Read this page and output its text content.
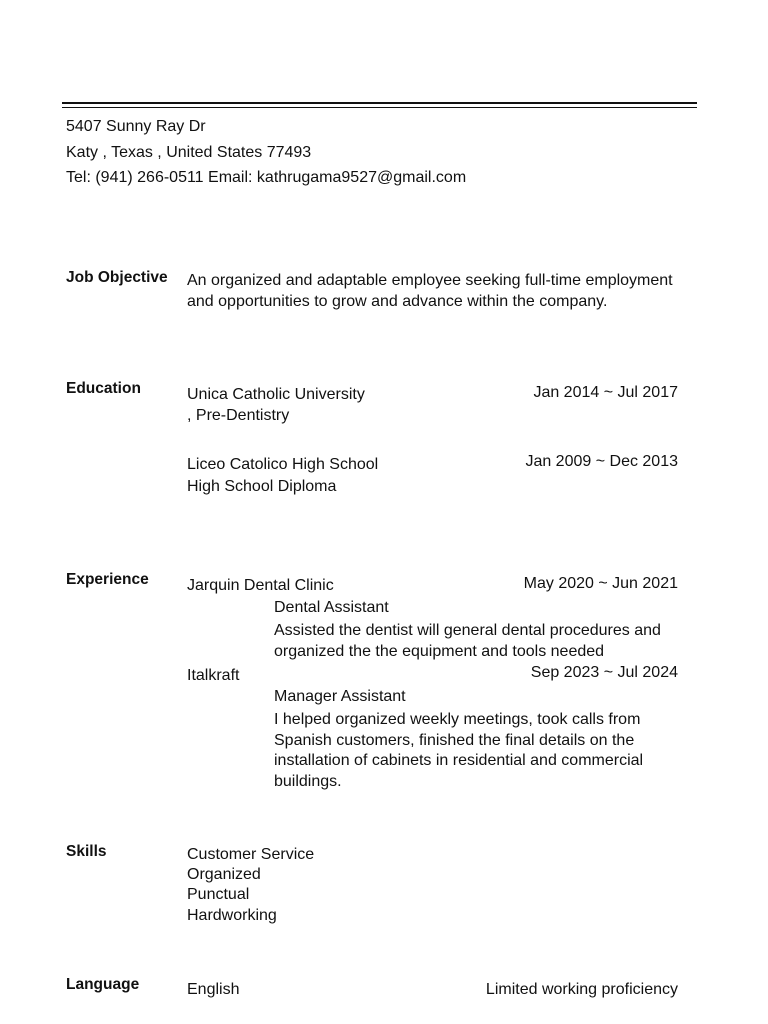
5407 Sunny Ray Dr
Katy , Texas , United States 77493
Tel: (941) 266-0511 Email: kathrugama9527@gmail.com
Job Objective An organized and adaptable employee seeking full-time employment and opportunities to grow and advance within the company.
Education	Unica Catholic University	Jan 2014 ~ Jul 2017
, Pre-Dentistry
Liceo Catolico High School	Jan 2009 ~ Dec 2013
High School Diploma
Experience Jarquin Dental Clinic	May 2020 ~ Jun 2021
Dental Assistant
Assisted the dentist will general dental procedures and organized the the equipment and tools needed
Italkraft	Sep 2023 ~ Jul 2024
Manager Assistant
I helped organized weekly meetings, took calls from Spanish customers, finished the final details on the installation of cabinets in residential and commercial buildings.
Skills	Customer Service
Organized
Punctual
Hardworking
Language	English	Limited working proficiency
